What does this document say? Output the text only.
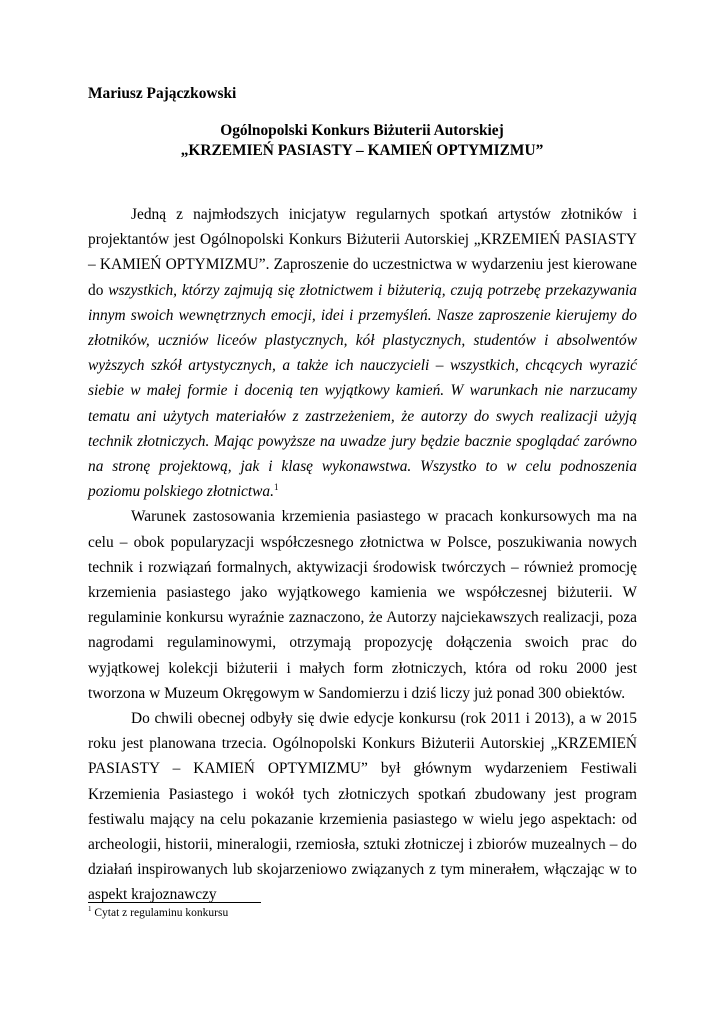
Mariusz Pajączkowski

Ogólnopolski Konkurs Biżuterii Autorskiej
„KRZEMIEŃ PASIASTY – KAMIEŃ OPTYMIZMU”

Jedną z najmłodszych inicjatyw regularnych spotkań artystów złotników i projektantów jest Ogólnopolski Konkurs Biżuterii Autorskiej „KRZEMIEŃ PASIASTY – KAMIEŃ OPTYMIZMU”. Zaproszenie do uczestnictwa w wydarzeniu jest kierowane do wszystkich, którzy zajmują się złotnictwem i biżuterią, czują potrzebę przekazywania innym swoich wewnętrznych emocji, idei i przemyśleń. Nasze zaproszenie kierujemy do złotników, uczniów liceów plastycznych, kół plastycznych, studentów i absolwentów wyższych szkół artystycznych, a także ich nauczycieli – wszystkich, chcących wyrazić siebie w małej formie i docenią ten wyjątkowy kamień. W warunkach nie narzucamy tematu ani użytych materiałów z zastrzeżeniem, że autorzy do swych realizacji użyją technik złotniczych. Mając powyższe na uwadze jury będzie bacznie spoglądać zarówno na stronę projektową, jak i klasę wykonawstwa. Wszystko to w celu podnoszenia poziomu polskiego złotnictwa.$^1$

Warunek zastosowania krzemienia pasiastego w pracach konkursowych ma na celu – obok popularyzacji współczesnego złotnictwa w Polsce, poszukiwania nowych technik i rozwiązań formalnych, aktywizacji środowisk twórczych – również promocję krzemienia pasiastego jako wyjątkowego kamienia we współczesnej biżuterii. W regulaminie konkursu wyraźnie zaznaczono, że Autorzy najciekawszych realizacji, poza nagrodami regulaminowymi, otrzymają propozycję dołączenia swoich prac do wyjątkowej kolekcji biżuterii i małych form złotniczych, która od roku 2000 jest tworzona w Muzeum Okręgowym w Sandomierzu i dziś liczy już ponad 300 obiektów.

Do chwili obecnej odbyły się dwie edycje konkursu (rok 2011 i 2013), a w 2015 roku jest planowana trzecia. Ogólnopolski Konkurs Biżuterii Autorskiej „KRZEMIEŃ PASIASTY – KAMIEŃ OPTYMIZMU” był głównym wydarzeniem Festiwali Krzemienia Pasiastego i wokół tych złotniczych spotkań zbudowany jest program festiwalu mający na celu pokazanie krzemienia pasiastego w wielu jego aspektach: od archeologii, historii, mineralogii, rzemiosła, sztuki złotniczej i zbiorów muzealnych – do działań inspirowanych lub skojarzeniowo związanych z tym minerałem, włączając w to aspekt krajoznawczy

$^1$ Cytat z regulaminu konkursu
